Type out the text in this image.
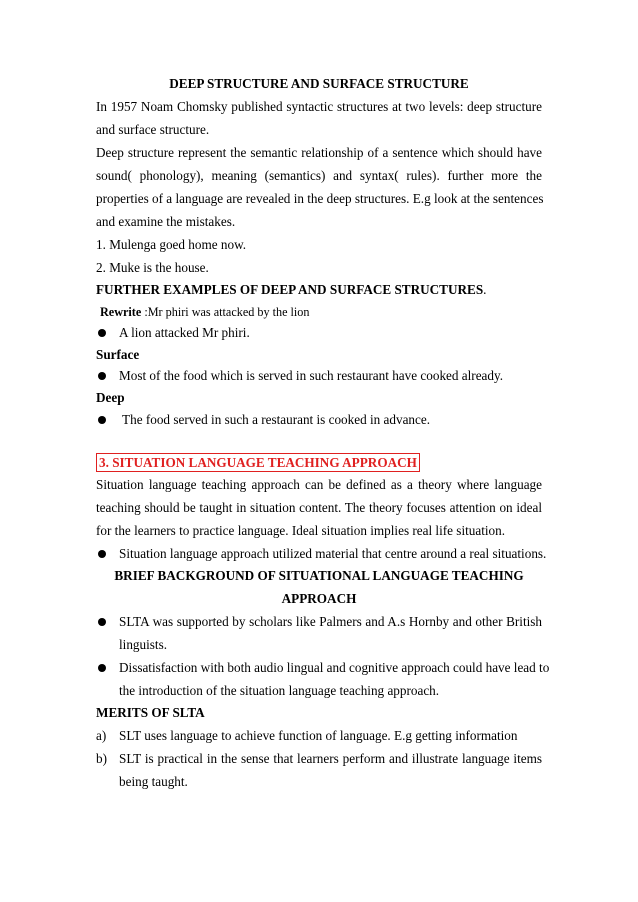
DEEP STRUCTURE AND SURFACE STRUCTURE

In 1957 Noam Chomsky published syntactic structures at two levels: deep structure

and surface structure.

Deep structure represent the semantic relationship of a sentence which should have

sound( phonology), meaning (semantics) and syntax( rules). further more the

properties of a language are revealed in the deep structures. E.g look at the sentences

and examine the mistakes.

1. Mulenga goed home now.

2. Muke is the house.

FURTHER EXAMPLES OF DEEP AND SURFACE STRUCTURES.

Rewrite :Mr phiri was attacked by the lion

A lion attacked Mr phiri.

Surface

Most of the food which is served in such restaurant have cooked already.

Deep

The food served in such a restaurant is cooked in advance.

3. SITUATION LANGUAGE TEACHING APPROACH

Situation language teaching approach can be defined as a theory where language

teaching should be taught in situation content. The theory focuses attention on ideal

for the learners to practice language. Ideal situation implies real life situation.

Situation language approach utilized material that centre around a real situations.

BRIEF BACKGROUND OF SITUATIONAL LANGUAGE TEACHING

APPROACH

SLTA was supported by scholars like Palmers and A.s Hornby and other British

linguists.

Dissatisfaction with both audio lingual and cognitive approach could have lead to

the introduction of the situation language teaching approach.

MERITS OF SLTA

a) SLT uses language to achieve function of language. E.g getting information

b) SLT is practical in the sense that learners perform and illustrate language items

being taught.
